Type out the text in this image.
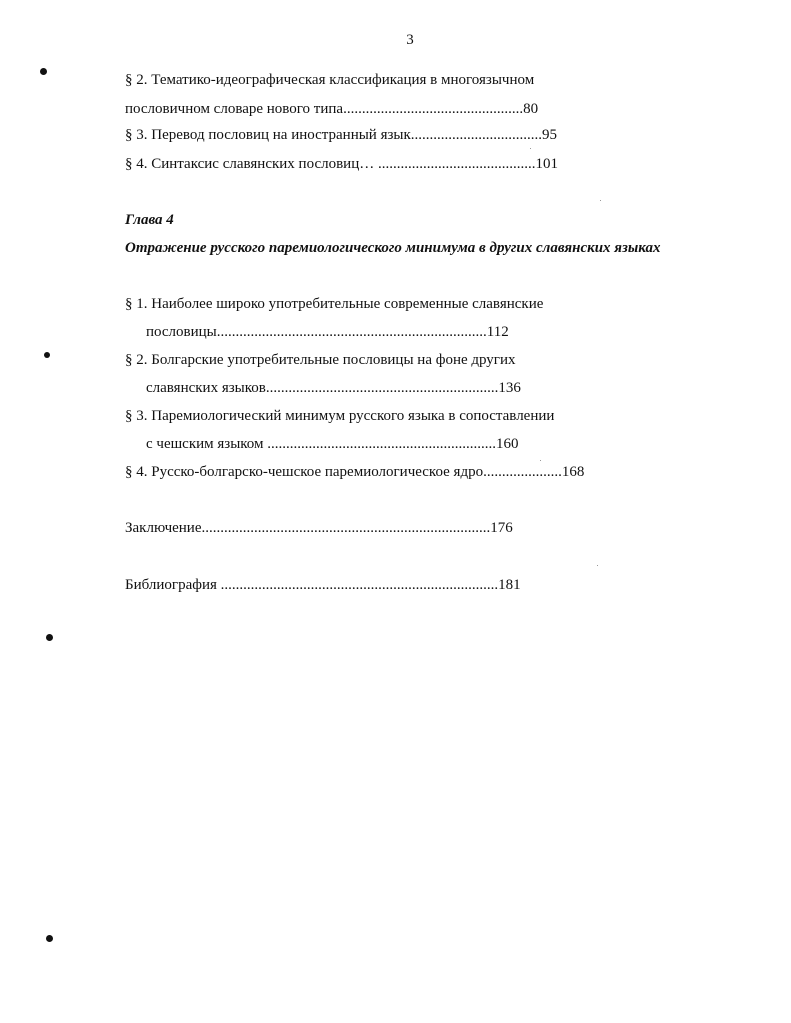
3
§ 2. Тематико-идеографическая классификация в многоязычном
пословичном словаре нового типа................................................80
§ 3. Перевод пословиц на иностранный язык...................................95
§ 4. Синтаксис славянских пословиц… ..........................................101
Глава 4
Отражение русского паремиологического минимума в других славянских языках
§ 1. Наиболее широко употребительные современные славянские
пословицы........................................................................112
§ 2. Болгарские употребительные пословицы на фоне других
славянских языков..............................................................136
§ 3. Паремиологический минимум русского языка в сопоставлении
с чешским языком .............................................................160
§ 4. Русско-болгарско-чешское паремиологическое ядро.....................168
Заключение.............................................................................176
Библиография ..........................................................................181
